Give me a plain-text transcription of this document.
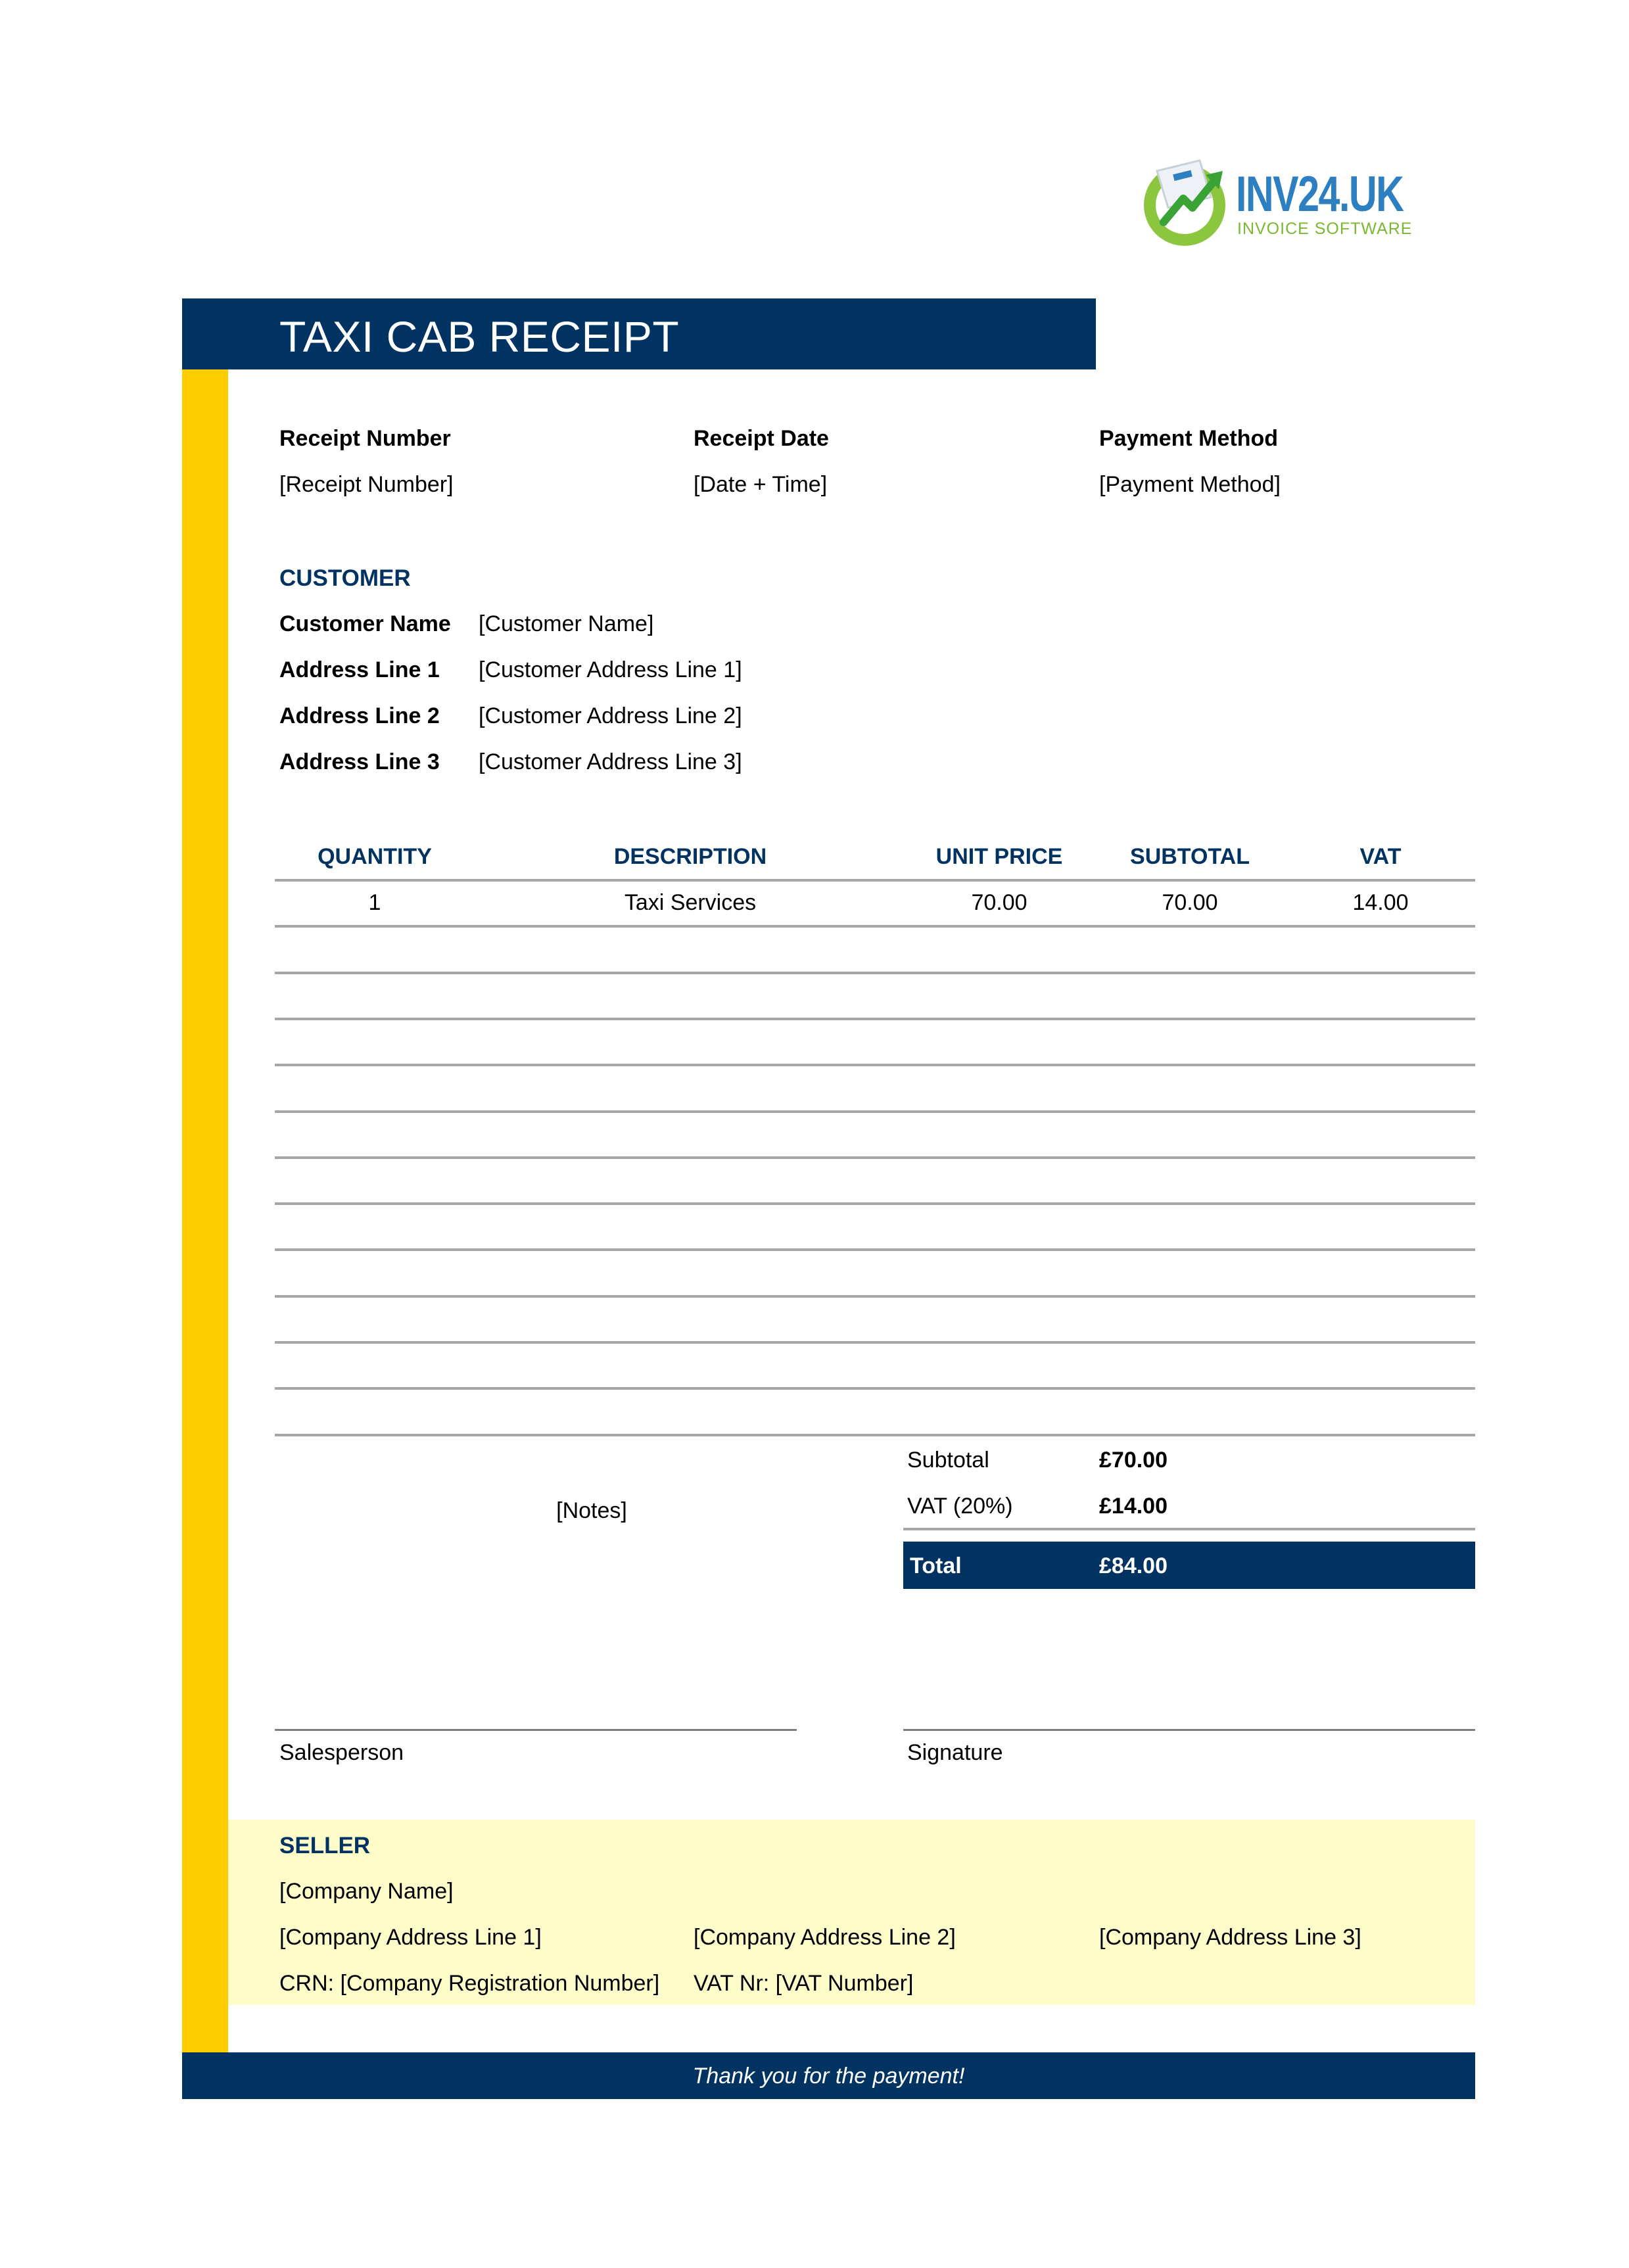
INV24.UK
INVOICE SOFTWARE
TAXI CAB RECEIPT
Receipt Number
[Receipt Number]
Receipt Date
[Date + Time]
Payment Method
[Payment Method]
CUSTOMER
Customer Name [Customer Name]
Address Line 1 [Customer Address Line 1]
Address Line 2 [Customer Address Line 2]
Address Line 3 [Customer Address Line 3]
QUANTITY	DESCRIPTION	UNIT PRICE	SUBTOTAL	VAT
1	Taxi Services	70.00	70.00	14.00
[Notes]
Subtotal	£70.00
VAT (20%)	£14.00
Total	£84.00
Salesperson	Signature
SELLER
[Company Name]
[Company Address Line 1]	[Company Address Line 2]	[Company Address Line 3]
CRN: [Company Registration Number] VAT Nr: [VAT Number]
Thank you for the payment!
